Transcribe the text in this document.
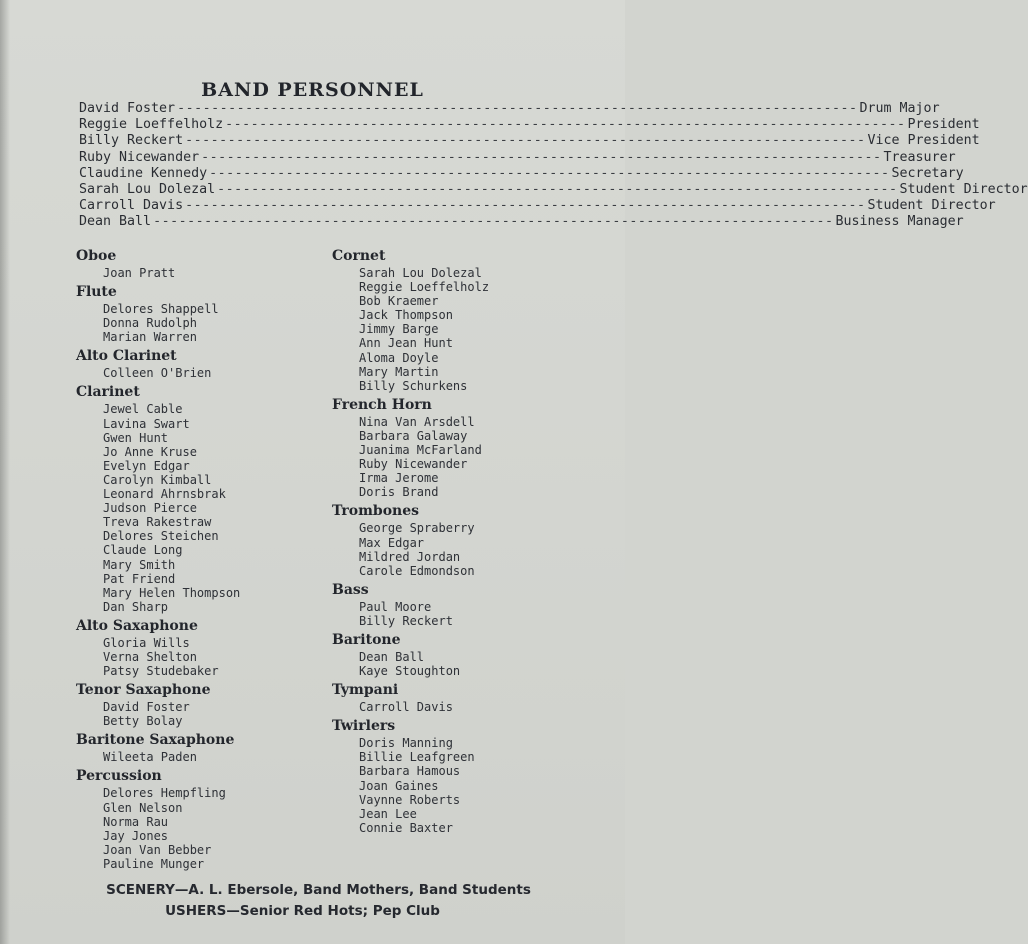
BAND PERSONNEL
David Foster -------------------------------------------------------------------------------- Drum Major
Reggie Loeffelholz -------------------------------------------------------------------------------- President
Billy Reckert -------------------------------------------------------------------------------- Vice President
Ruby Nicewander -------------------------------------------------------------------------------- Treasurer
Claudine Kennedy -------------------------------------------------------------------------------- Secretary
Sarah Lou Dolezal -------------------------------------------------------------------------------- Student Director
Carroll Davis -------------------------------------------------------------------------------- Student Director
Dean Ball -------------------------------------------------------------------------------- Business Manager
Oboe
Joan Pratt
Flute
Delores Shappell
Donna Rudolph
Marian Warren
Alto Clarinet
Colleen O'Brien
Clarinet
Jewel Cable
Lavina Swart
Gwen Hunt
Jo Anne Kruse
Evelyn Edgar
Carolyn Kimball
Leonard Ahrnsbrak
Judson Pierce
Treva Rakestraw
Delores Steichen
Claude Long
Mary Smith
Pat Friend
Mary Helen Thompson
Dan Sharp
Alto Saxaphone
Gloria Wills
Verna Shelton
Patsy Studebaker
Tenor Saxaphone
David Foster
Betty Bolay
Baritone Saxaphone
Wileeta Paden
Percussion
Delores Hempfling
Glen Nelson
Norma Rau
Jay Jones
Joan Van Bebber
Pauline Munger
Cornet
Sarah Lou Dolezal
Reggie Loeffelholz
Bob Kraemer
Jack Thompson
Jimmy Barge
Ann Jean Hunt
Aloma Doyle
Mary Martin
Billy Schurkens
French Horn
Nina Van Arsdell
Barbara Galaway
Juanima McFarland
Ruby Nicewander
Irma Jerome
Doris Brand
Trombones
George Spraberry
Max Edgar
Mildred Jordan
Carole Edmondson
Bass
Paul Moore
Billy Reckert
Baritone
Dean Ball
Kaye Stoughton
Tympani
Carroll Davis
Twirlers
Doris Manning
Billie Leafgreen
Barbara Hamous
Joan Gaines
Vaynne Roberts
Jean Lee
Connie Baxter
SCENERY—A. L. Ebersole, Band Mothers, Band Students
USHERS—Senior Red Hots; Pep Club
